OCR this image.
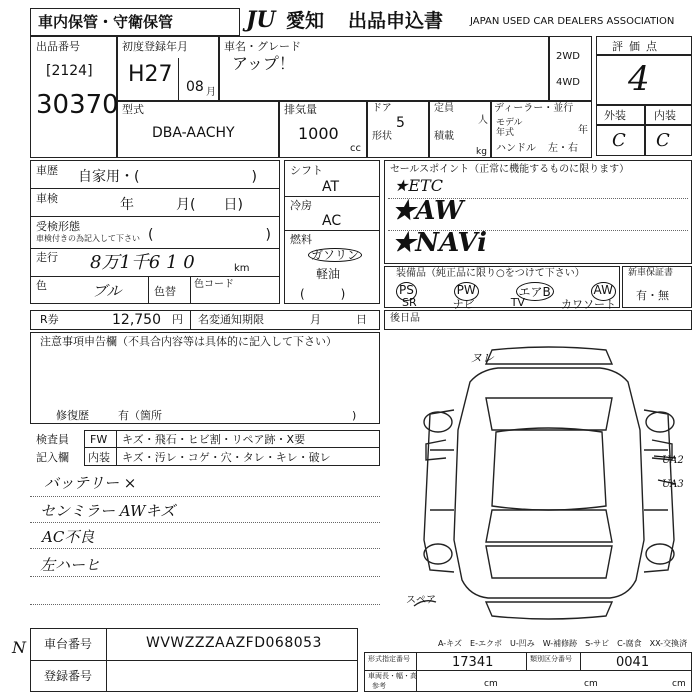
車内保管・守衛保管	JU 愛知 出品申込書	JAPAN USED CAR DEALERS ASSOCIATION
出品番号
[2124]
30370
初度登録年月
H27 08 月
車名・グレード
アップ！	2WD
4WD
型式
DBA-AACHY
排気量
1000
cc
ドア
5
形状
定員
人
積載
kg
ディーラー・並行
モデル年式	年
ハンドル 左・右
評価点
4
外装	内装
C C
車歴 自家用・(　　　　　　　　)
車検	年　　　月(　　日)
受検形態
車検付きの為記入して下さい (　　　　　　　　)
走行 8万1千6 1 0	km
色	ブル	色替
色コード
シフト
AT
冷房
AC
燃料
ガソリン
軽油
(　　　)
セールスポイント（正常に機能するものに限ります）
★ETC
★AW
★NAVi
装備品（純正品に限り○をつけて下さい）
PS	PW	エアB	AW
SR	ナビ	TV	カワソート
新車保証書
有・無
R券	12,750 円 名変通知期限	月	日 後日品
注意事項申告欄（不具合内容等は具体的に記入して下さい）
修復歴	有（箇所	)
検査員
記入欄
FW キズ・飛石・ヒビ割・リペア跡・X要
内装 キズ・汚レ・コゲ・穴・タレ・キレ・破レ
バッテリー ×
センミラー AWキズ
AC不良
左ハーヒ
ヌレ
UA2
UA3
スペア
A-キズ　E-エクボ　U-凹み　W-補修跡　S-サビ　C-腐食　XX-交換済
N 車台番号	WVWZZZAAZFD068053
登録番号
形式指定番号	17341	類別区分番号	0041
車両長・幅・高
参考	cm	cm	cm
